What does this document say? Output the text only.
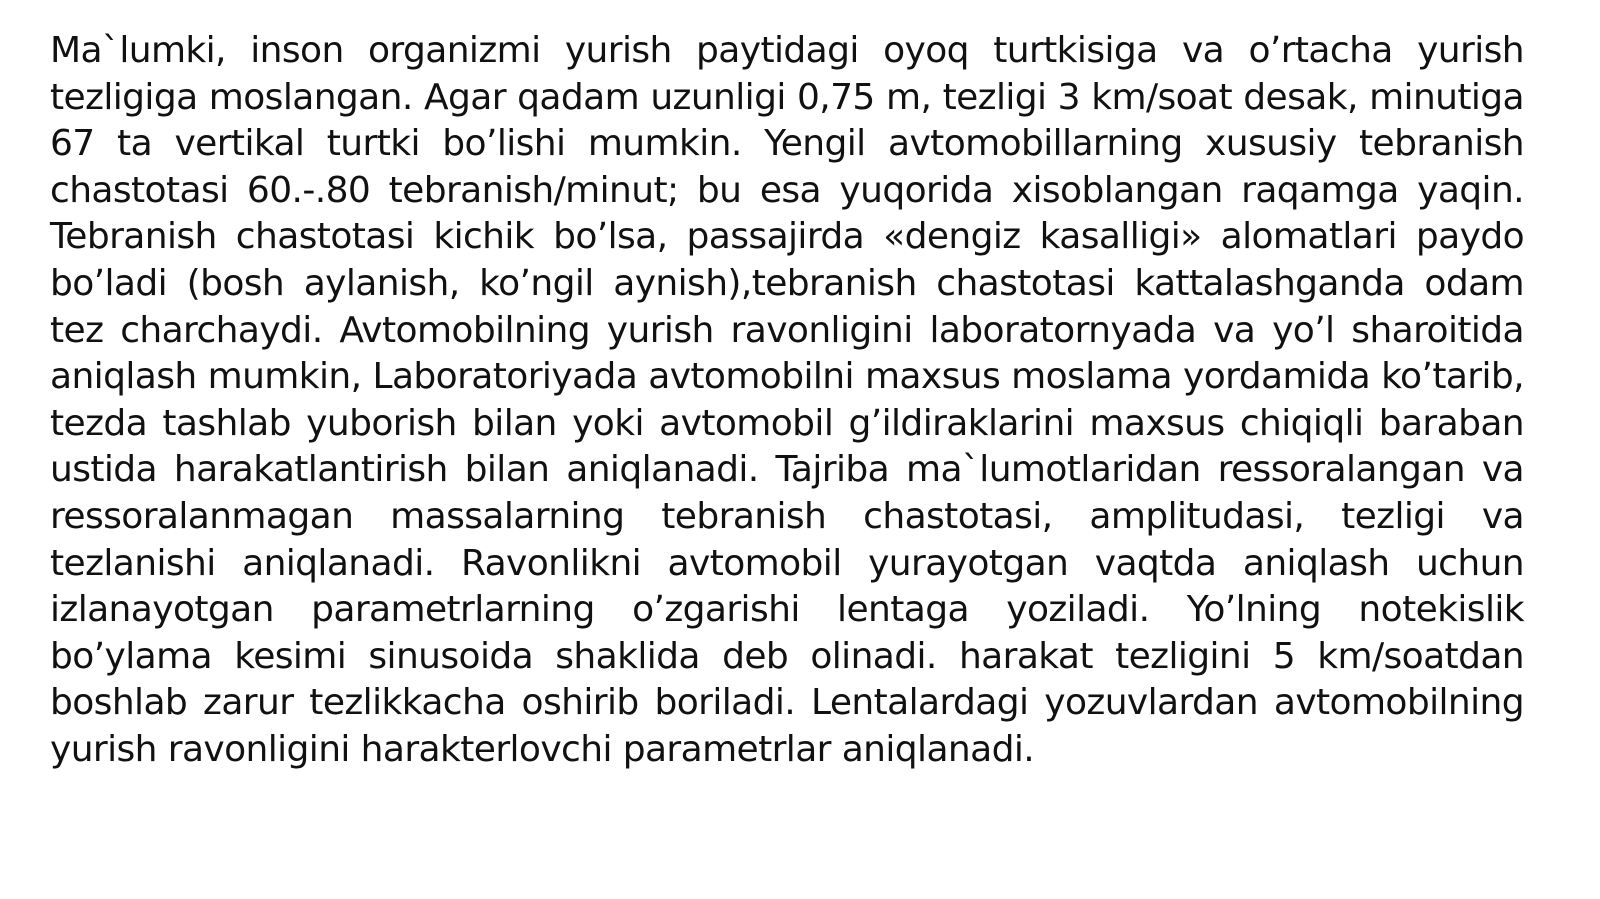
Ma`lumki, inson organizmi yurish paytidagi oyoq turtkisiga va o’rtacha yurish tezligiga moslangan. Agar qadam uzunligi 0,75 m, tezligi 3 km/soat desak, minutiga 67 ta vertikal turtki bo’lishi mumkin. Yengil avtomobillarning xususiy tebranish chastotasi 60.-.80 tebranish/minut; bu esa yuqorida xisoblangan raqamga yaqin. Tebranish chastotasi kichik bo’lsa, passajirda «dengiz kasalligi» alomatlari paydo bo’ladi (bosh aylanish, ko’ngil aynish),tebranish chastotasi kattalashganda odam tez charchaydi. Avtomobilning yurish ravonligini laboratornyada va yo’l sharoitida aniqlash mumkin, Laboratoriyada avtomobilni maxsus moslama yordamida ko’tarib, tezda tashlab yuborish bilan yoki avtomobil g’ildiraklarini maxsus chiqiqli baraban ustida harakatlantirish bilan aniqlanadi. Tajriba ma`lumotlaridan ressoralangan va ressoralanmagan massalarning tebranish chastotasi, amplitudasi, tezligi va tezlanishi aniqlanadi. Ravonlikni avtomobil yurayotgan vaqtda aniqlash uchun izlanayotgan parametrlarning o’zgarishi lentaga yoziladi. Yo’lning notekislik bo’ylama kesimi sinusoida shaklida deb olinadi. harakat tezligini 5 km/soatdan boshlab zarur tezlikkacha oshirib boriladi. Lentalardagi yozuvlardan avtomobilning yurish ravonligini harakterlovchi parametrlar aniqlanadi.
